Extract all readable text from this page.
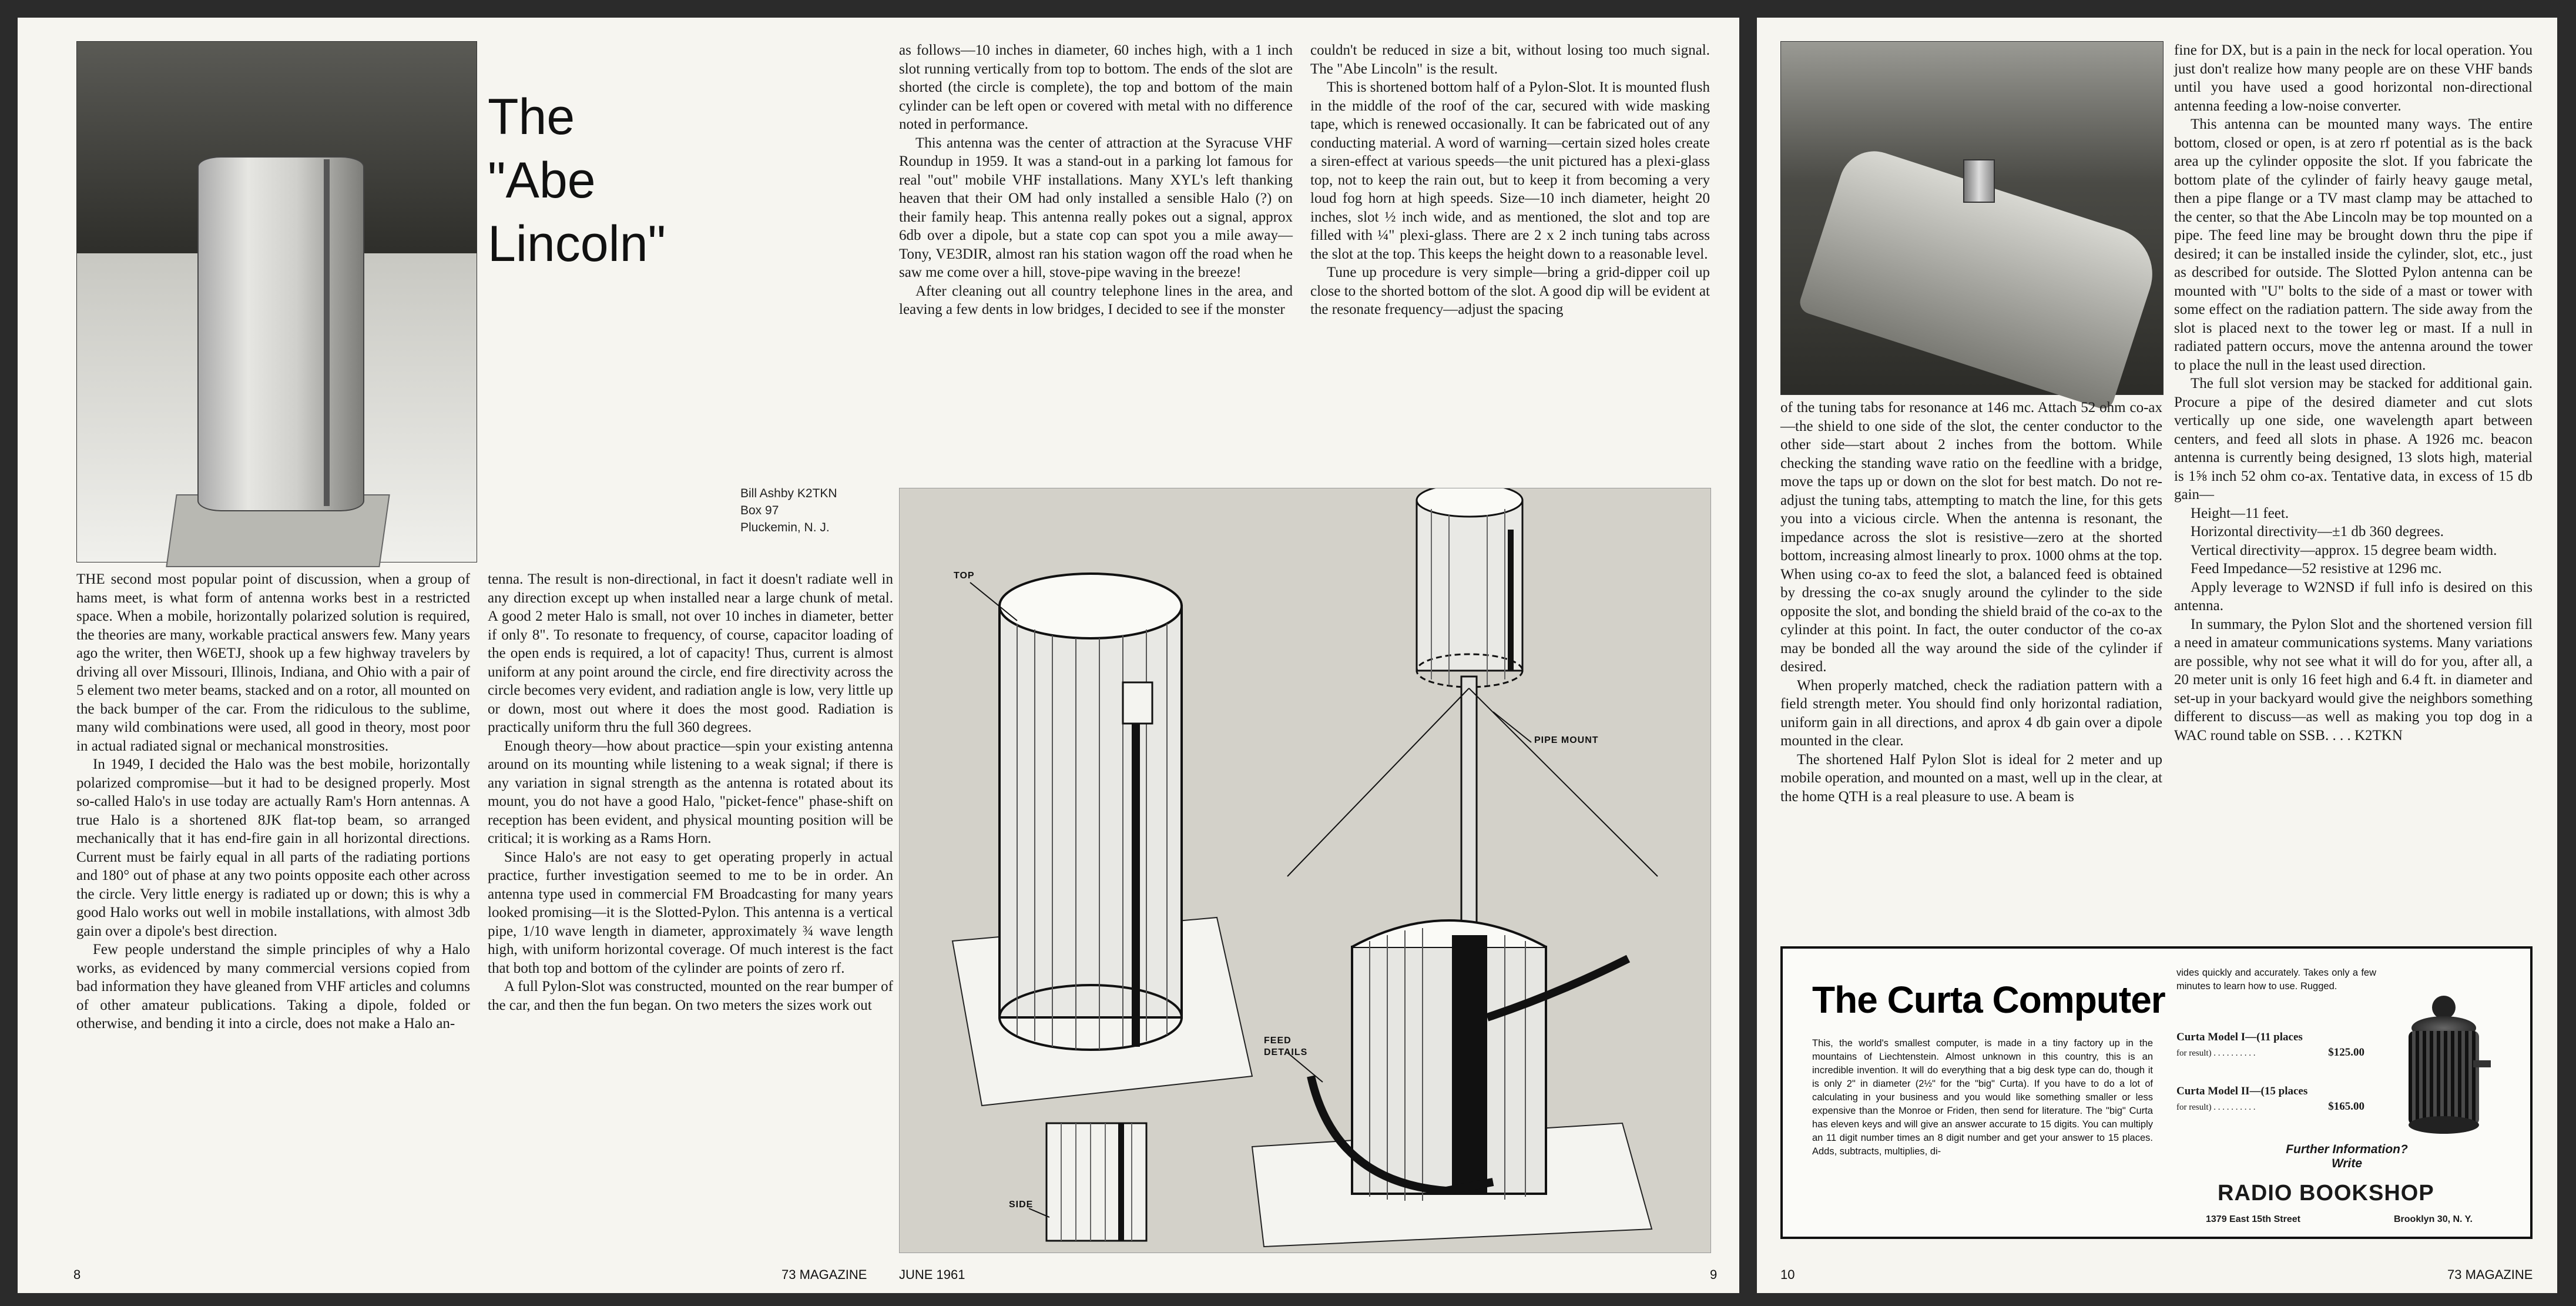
The
"Abe
Lincoln"
Bill Ashby K2TKN
Box 97
Pluckemin, N. J.

THE second most popular point of discussion, when a group of hams meet, is what form of antenna works best in a restricted space. When a mobile, horizontally polarized solution is required, the theories are many, workable practical answers few. Many years ago the writer, then W6ETJ, shook up a few highway travelers by driving all over Missouri, Illinois, Indiana, and Ohio with a pair of 5 element two meter beams, stacked and on a rotor, all mounted on the back bumper of the car. From the ridiculous to the sublime, many wild combinations were used, all good in theory, most poor in actual radiated signal or mechanical monstrosities.

In 1949, I decided the Halo was the best mobile, horizontally polarized compromise—but it had to be designed properly. Most so-called Halo's in use today are actually Ram's Horn antennas. A true Halo is a shortened 8JK flat-top beam, so arranged mechanically that it has end-fire gain in all horizontal directions. Current must be fairly equal in all parts of the radiating portions and 180° out of phase at any two points opposite each other across the circle. Very little energy is radiated up or down; this is why a good Halo works out well in mobile installations, with almost 3db gain over a dipole's best direction.

Few people understand the simple principles of why a Halo works, as evidenced by many commercial versions copied from bad information they have gleaned from VHF articles and columns of other amateur publications. Taking a dipole, folded or otherwise, and bending it into a circle, does not make a Halo an-

tenna. The result is non-directional, in fact it doesn't radiate well in any direction except up when installed near a large chunk of metal. A good 2 meter Halo is small, not over 10 inches in diameter, better if only 8". To resonate to frequency, of course, capacitor loading of the open ends is required, a lot of capacity! Thus, current is almost uniform at any point around the circle, end fire directivity across the circle becomes very evident, and radiation angle is low, very little up or down, most out where it does the most good. Radiation is practically uniform thru the full 360 degrees.

Enough theory—how about practice—spin your existing antenna around on its mounting while listening to a weak signal; if there is any variation in signal strength as the antenna is rotated about its mount, you do not have a good Halo, "picket-fence" phase-shift on reception has been evident, and physical mounting position will be critical; it is working as a Rams Horn.

Since Halo's are not easy to get operating properly in actual practice, further investigation seemed to me to be in order. An antenna type used in commercial FM Broadcasting for many years looked promising—it is the Slotted-Pylon. This antenna is a vertical pipe, 1/10 wave length in diameter, approximately ¾ wave length high, with uniform horizontal coverage. Of much interest is the fact that both top and bottom of the cylinder are points of zero rf.

A full Pylon-Slot was constructed, mounted on the rear bumper of the car, and then the fun began. On two meters the sizes work out

as follows—10 inches in diameter, 60 inches high, with a 1 inch slot running vertically from top to bottom. The ends of the slot are shorted (the circle is complete), the top and bottom of the main cylinder can be left open or covered with metal with no difference noted in performance.

This antenna was the center of attraction at the Syracuse VHF Roundup in 1959. It was a stand-out in a parking lot famous for real "out" mobile VHF installations. Many XYL's left thanking heaven that their OM had only installed a sensible Halo (?) on their family heap. This antenna really pokes out a signal, approx 6db over a dipole, but a state cop can spot you a mile away—Tony, VE3DIR, almost ran his station wagon off the road when he saw me come over a hill, stove-pipe waving in the breeze!

After cleaning out all country telephone lines in the area, and leaving a few dents in low bridges, I decided to see if the monster

couldn't be reduced in size a bit, without losing too much signal. The "Abe Lincoln" is the result.

This is shortened bottom half of a Pylon-Slot. It is mounted flush in the middle of the roof of the car, secured with wide masking tape, which is renewed occasionally. It can be fabricated out of any conducting material. A word of warning—certain sized holes create a siren-effect at various speeds—the unit pictured has a plexi-glass top, not to keep the rain out, but to keep it from becoming a very loud fog horn at high speeds. Size—10 inch diameter, height 20 inches, slot ½ inch wide, and as mentioned, the slot and top are filled with ¼" plexi-glass. There are 2 x 2 inch tuning tabs across the slot at the top. This keeps the height down to a reasonable level.

Tune up procedure is very simple—bring a grid-dipper coil up close to the shorted bottom of the slot. A good dip will be evident at the resonate frequency—adjust the spacing

TOP
SIDE
PIPE MOUNT
FEED
DETAILS
8	73 MAGAZINE JUNE 1961	9

of the tuning tabs for resonance at 146 mc. Attach 52 ohm co-ax—the shield to one side of the slot, the center conductor to the other side—start about 2 inches from the bottom. While checking the standing wave ratio on the feedline with a bridge, move the taps up or down on the slot for best match. Do not re-adjust the tuning tabs, attempting to match the line, for this gets you into a vicious circle. When the antenna is resonant, the impedance across the slot is resistive—zero at the shorted bottom, increasing almost linearly to prox. 1000 ohms at the top. When using co-ax to feed the slot, a balanced feed is obtained by dressing the co-ax snugly around the cylinder to the side opposite the slot, and bonding the shield braid of the co-ax to the cylinder at this point. In fact, the outer conductor of the co-ax may be bonded all the way around the side of the cylinder if desired.

When properly matched, check the radiation pattern with a field strength meter. You should find only horizontal radiation, uniform gain in all directions, and aprox 4 db gain over a dipole mounted in the clear.

The shortened Half Pylon Slot is ideal for 2 meter and up mobile operation, and mounted on a mast, well up in the clear, at the home QTH is a real pleasure to use. A beam is

fine for DX, but is a pain in the neck for local operation. You just don't realize how many people are on these VHF bands until you have used a good horizontal non-directional antenna feeding a low-noise converter.

This antenna can be mounted many ways. The entire bottom, closed or open, is at zero rf potential as is the back area up the cylinder opposite the slot. If you fabricate the bottom plate of the cylinder of fairly heavy gauge metal, then a pipe flange or a TV mast clamp may be attached to the center, so that the Abe Lincoln may be top mounted on a pipe. The feed line may be brought down thru the pipe if desired; it can be installed inside the cylinder, slot, etc., just as described for outside. The Slotted Pylon antenna can be mounted with "U" bolts to the side of a mast or tower with some effect on the radiation pattern. The side away from the slot is placed next to the tower leg or mast. If a null in radiated pattern occurs, move the antenna around the tower to place the null in the least used direction.

The full slot version may be stacked for additional gain. Procure a pipe of the desired diameter and cut slots vertically up one side, one wavelength apart between centers, and feed all slots in phase. A 1926 mc. beacon antenna is currently being designed, 13 slots high, material is 1⅝ inch 52 ohm co-ax. Tentative data, in excess of 15 db gain—

Height—11 feet.

Horizontal directivity—±1 db 360 degrees.

Vertical directivity—approx. 15 degree beam width.

Feed Impedance—52 resistive at 1296 mc.

Apply leverage to W2NSD if full info is desired on this antenna.

In summary, the Pylon Slot and the shortened version fill a need in amateur communications systems. Many variations are possible, why not see what it will do for you, after all, a 20 meter unit is only 16 feet high and 6.4 ft. in diameter and set-up in your backyard would give the neighbors something different to discuss—as well as making you top dog in a WAC round table on SSB. . . . K2TKN

The Curta Computer
This, the world's smallest computer, is made in a tiny factory up in the mountains of Liechtenstein. Almost unknown in this country, this is an incredible invention. It will do everything that a big desk type can do, though it is only 2" in diameter (2½" for the "big" Curta). If you have to do a lot of calculating in your business and you would like something smaller or less expensive than the Monroe or Friden, then send for literature. The "big" Curta has eleven keys and will give an answer accurate to 15 digits. You can multiply an 11 digit number times an 8 digit number and get your answer to 15 places. Adds, subtracts, multiplies, di-
vides quickly and accurately. Takes only a few minutes to learn how to use. Rugged.
Curta Model I—(11 places
for result) . . . . . . . . . .	$125.00
Curta Model II—(15 places
for result) . . . . . . . . . .	$165.00
Further Information?
Write
RADIO BOOKSHOP
1379 East 15th Street	Brooklyn 30, N. Y.
10	73 MAGAZINE
